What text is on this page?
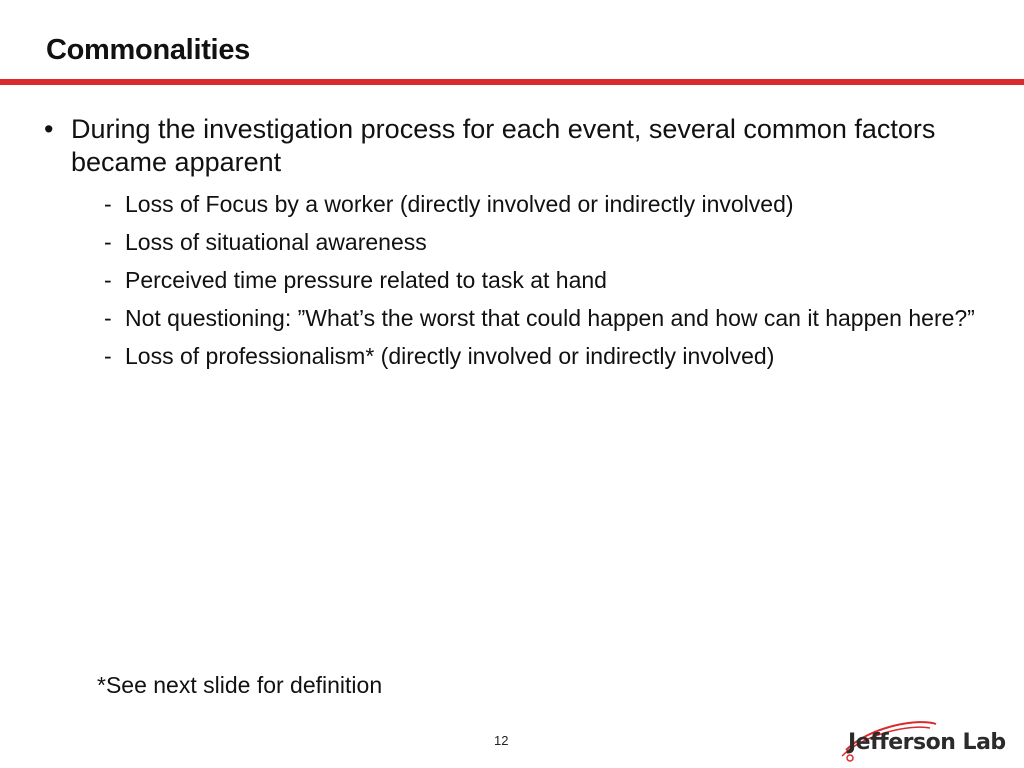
Commonalities
• During the investigation process for each event, several common factors became apparent
- Loss of Focus by a worker (directly involved or indirectly involved)
- Loss of situational awareness
- Perceived time pressure related to task at hand
- Not questioning: ”What’s the worst that could happen and how can it happen here?”
- Loss of professionalism* (directly involved or indirectly involved)
*See next slide for definition
12	Jefferson Lab
